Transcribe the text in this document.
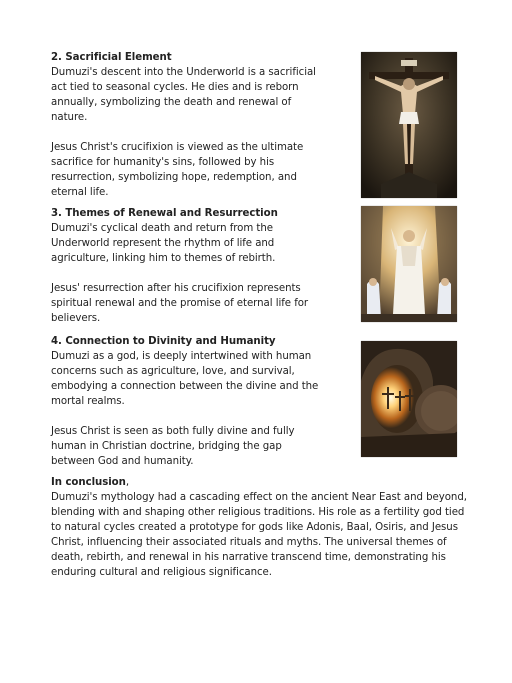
2. Sacrificial Element
Dumuzi's descent into the Underworld is a sacrificial
act tied to seasonal cycles. He dies and is reborn
annually, symbolizing the death and renewal of
nature.
Jesus Christ's crucifixion is viewed as the ultimate
sacrifice for humanity's sins, followed by his
resurrection, symbolizing hope, redemption, and
eternal life.
3. Themes of Renewal and Resurrection
Dumuzi's cyclical death and return from the
Underworld represent the rhythm of life and
agriculture, linking him to themes of rebirth.
Jesus' resurrection after his crucifixion represents
spiritual renewal and the promise of eternal life for
believers.
4. Connection to Divinity and Humanity
Dumuzi as a god, is deeply intertwined with human
concerns such as agriculture, love, and survival,
embodying a connection between the divine and the
mortal realms.
Jesus Christ is seen as both fully divine and fully
human in Christian doctrine, bridging the gap
between God and humanity.
In conclusion,
Dumuzi's mythology had a cascading effect on the ancient Near East and beyond,
blending with and shaping other religious traditions. His role as a fertility god tied
to natural cycles created a prototype for gods like Adonis, Baal, Osiris, and Jesus
Christ, influencing their associated rituals and myths. The universal themes of
death, rebirth, and renewal in his narrative transcend time, demonstrating his
enduring cultural and religious significance.
